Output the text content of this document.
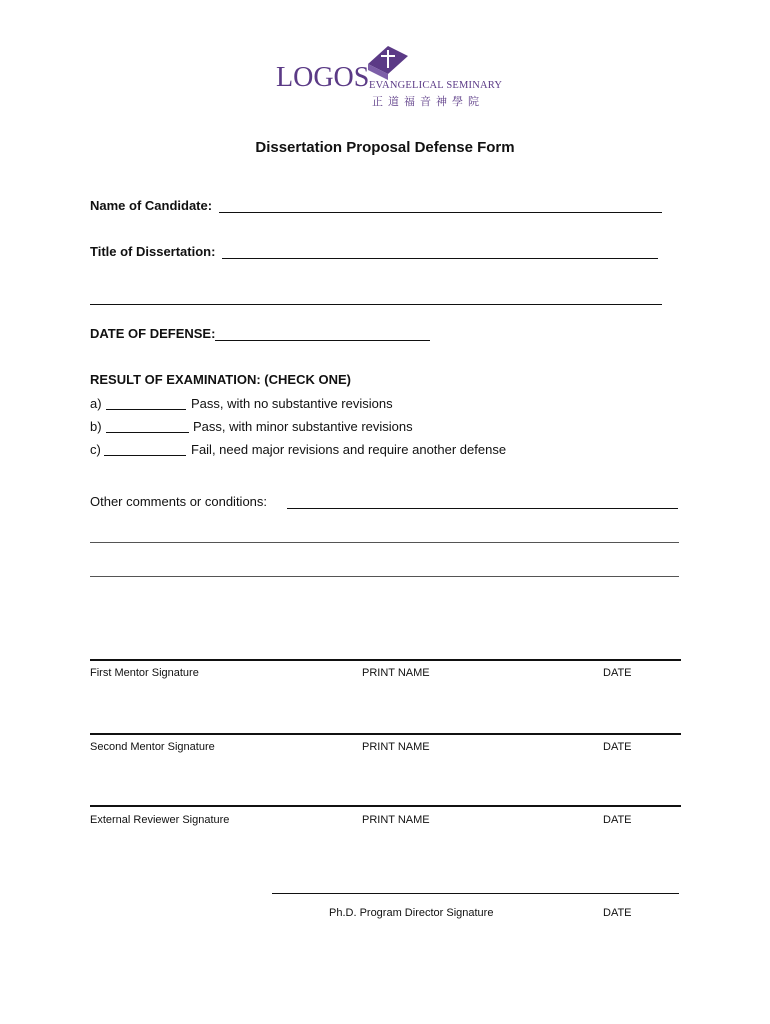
LOGOS EVANGELICAL SEMINARY
正道福音神學院
Dissertation Proposal Defense Form
Name of Candidate:
Title of Dissertation:
DATE OF DEFENSE:
RESULT OF EXAMINATION: (CHECK ONE)
a)	Pass, with no substantive revisions
b)	Pass, with minor substantive revisions
c)	Fail, need major revisions and require another defense
Other comments or conditions:
First Mentor Signature	PRINT NAME	DATE
Second Mentor Signature	PRINT NAME	DATE
External Reviewer Signature	PRINT NAME	DATE
Ph.D. Program Director Signature	DATE
